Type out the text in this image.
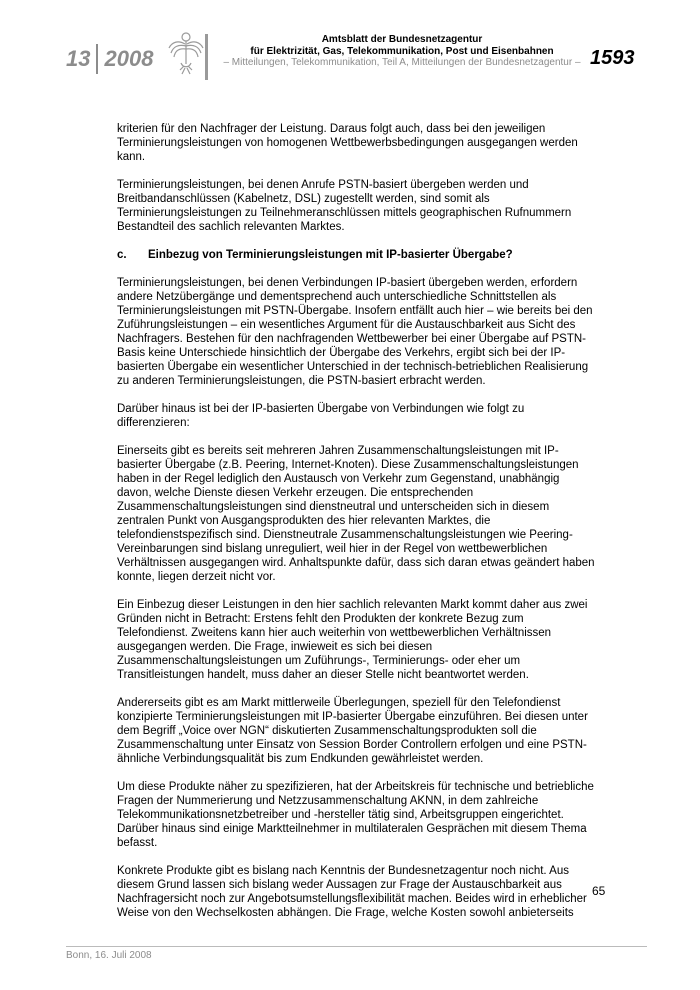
13 2008
Amtsblatt der Bundesnetzagentur
für Elektrizität, Gas, Telekommunikation, Post und Eisenbahnen
– Mitteilungen, Telekommunikation, Teil A, Mitteilungen der Bundesnetzagentur – 1593

kriterien für den Nachfrager der Leistung. Daraus folgt auch, dass bei den jeweiligen Terminierungsleistungen von homogenen Wettbewerbsbedingungen ausgegangen werden kann.

Terminierungsleistungen, bei denen Anrufe PSTN-basiert übergeben werden und Breitbandanschlüssen (Kabelnetz, DSL) zugestellt werden, sind somit als Terminierungsleistungen zu Teilnehmeranschlüssen mittels geographischen Rufnummern Bestandteil des sachlich relevanten Marktes.

c. Einbezug von Terminierungsleistungen mit IP-basierter Übergabe?

Terminierungsleistungen, bei denen Verbindungen IP-basiert übergeben werden, erfordern andere Netzübergänge und dementsprechend auch unterschiedliche Schnittstellen als Terminierungsleistungen mit PSTN-Übergabe. Insofern entfällt auch hier – wie bereits bei den Zuführungsleistungen – ein wesentliches Argument für die Austauschbarkeit aus Sicht des Nachfragers. Bestehen für den nachfragenden Wettbewerber bei einer Übergabe auf PSTN-Basis keine Unterschiede hinsichtlich der Übergabe des Verkehrs, ergibt sich bei der IP-basierten Übergabe ein wesentlicher Unterschied in der technisch-betrieblichen Realisierung zu anderen Terminierungsleistungen, die PSTN-basiert erbracht werden.

Darüber hinaus ist bei der IP-basierten Übergabe von Verbindungen wie folgt zu differenzieren:

Einerseits gibt es bereits seit mehreren Jahren Zusammenschaltungsleistungen mit IP-basierter Übergabe (z.B. Peering, Internet-Knoten). Diese Zusammenschaltungsleistungen haben in der Regel lediglich den Austausch von Verkehr zum Gegenstand, unabhängig davon, welche Dienste diesen Verkehr erzeugen. Die entsprechenden Zusammenschaltungsleistungen sind dienstneutral und unterscheiden sich in diesem zentralen Punkt von Ausgangsprodukten des hier relevanten Marktes, die telefondienstspezifisch sind. Dienstneutrale Zusammenschaltungsleistungen wie Peering-Vereinbarungen sind bislang unreguliert, weil hier in der Regel von wettbewerblichen Verhältnissen ausgegangen wird. Anhaltspunkte dafür, dass sich daran etwas geändert haben konnte, liegen derzeit nicht vor.

Ein Einbezug dieser Leistungen in den hier sachlich relevanten Markt kommt daher aus zwei Gründen nicht in Betracht: Erstens fehlt den Produkten der konkrete Bezug zum Telefondienst. Zweitens kann hier auch weiterhin von wettbewerblichen Verhältnissen ausgegangen werden. Die Frage, inwieweit es sich bei diesen Zusammenschaltungsleistungen um Zuführungs-, Terminierungs- oder eher um Transitleistungen handelt, muss daher an dieser Stelle nicht beantwortet werden.

Andererseits gibt es am Markt mittlerweile Überlegungen, speziell für den Telefondienst konzipierte Terminierungsleistungen mit IP-basierter Übergabe einzuführen. Bei diesen unter dem Begriff „Voice over NGN“ diskutierten Zusammenschaltungsprodukten soll die Zusammenschaltung unter Einsatz von Session Border Controllern erfolgen und eine PSTN-ähnliche Verbindungsqualität bis zum Endkunden gewährleistet werden.

Um diese Produkte näher zu spezifizieren, hat der Arbeitskreis für technische und betriebliche Fragen der Nummerierung und Netzzusammenschaltung AKNN, in dem zahlreiche Telekommunikationsnetzbetreiber und -hersteller tätig sind, Arbeitsgruppen eingerichtet. Darüber hinaus sind einige Marktteilnehmer in multilateralen Gesprächen mit diesem Thema befasst.

Konkrete Produkte gibt es bislang nach Kenntnis der Bundesnetzagentur noch nicht. Aus diesem Grund lassen sich bislang weder Aussagen zur Frage der Austauschbarkeit aus Nachfragersicht noch zur Angebotsumstellungsflexibilität machen. Beides wird in erheblicher Weise von den Wechselkosten abhängen. Die Frage, welche Kosten sowohl anbieterseits

65
Bonn, 16. Juli 2008
